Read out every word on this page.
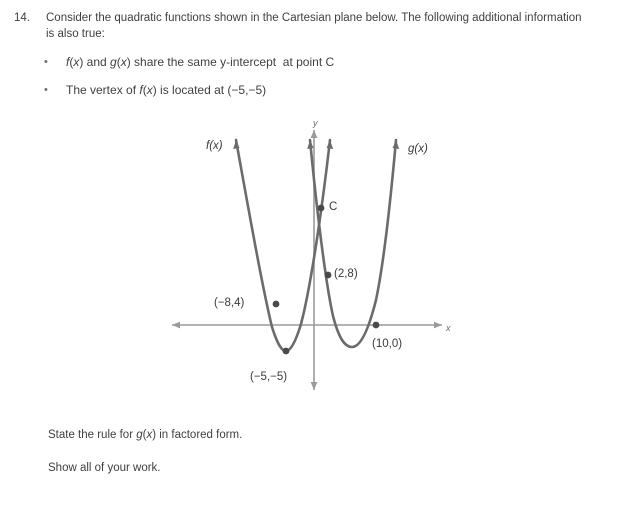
14.	Consider the quadratic functions shown in the Cartesian plane below. The following additional information is also true:
•	f(x) and g(x) share the same y-intercept  at point C
•	The vertex of f(x) is located at (−5,−5)
y
x
f(x)	g(x)
C
(2,8)
(−8,4)
(10,0)
(−5,−5)

State the rule for g(x) in factored form.

Show all of your work.
